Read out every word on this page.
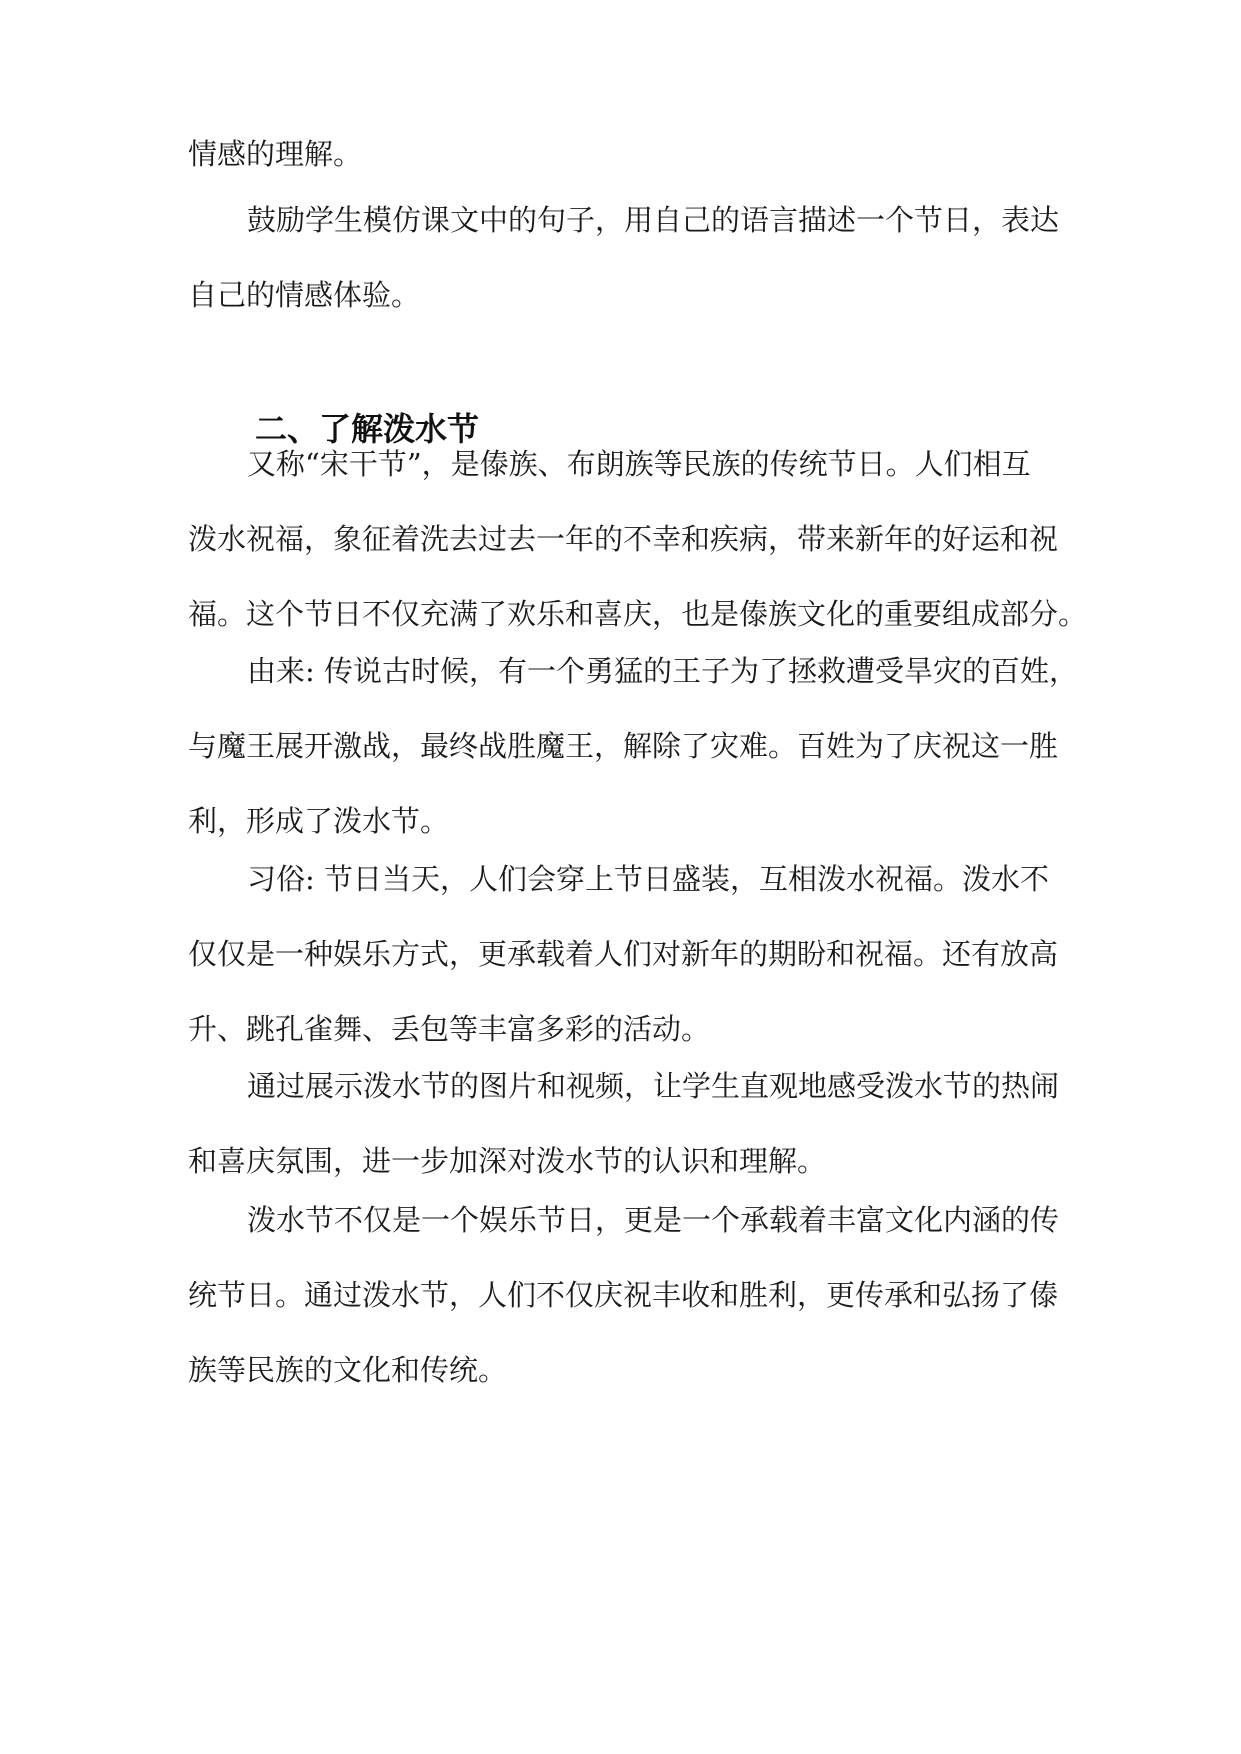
情感的理解。
鼓励学生模仿课文中的句子，用自己的语言描述一个节日，表达
自己的情感体验。
二、了解泼水节
又称“宋干节”，是傣族、布朗族等民族的传统节日。人们相互
泼水祝福，象征着洗去过去一年的不幸和疾病，带来新年的好运和祝
福。这个节日不仅充满了欢乐和喜庆，也是傣族文化的重要组成部分。
由来: 传说古时候，有一个勇猛的王子为了拯救遭受旱灾的百姓，
与魔王展开激战，最终战胜魔王，解除了灾难。百姓为了庆祝这一胜
利，形成了泼水节。
习俗: 节日当天，人们会穿上节日盛装，互相泼水祝福。泼水不
仅仅是一种娱乐方式，更承载着人们对新年的期盼和祝福。还有放高
升、跳孔雀舞、丢包等丰富多彩的活动。
通过展示泼水节的图片和视频，让学生直观地感受泼水节的热闹
和喜庆氛围，进一步加深对泼水节的认识和理解。
泼水节不仅是一个娱乐节日，更是一个承载着丰富文化内涵的传
统节日。通过泼水节，人们不仅庆祝丰收和胜利，更传承和弘扬了傣
族等民族的文化和传统。
